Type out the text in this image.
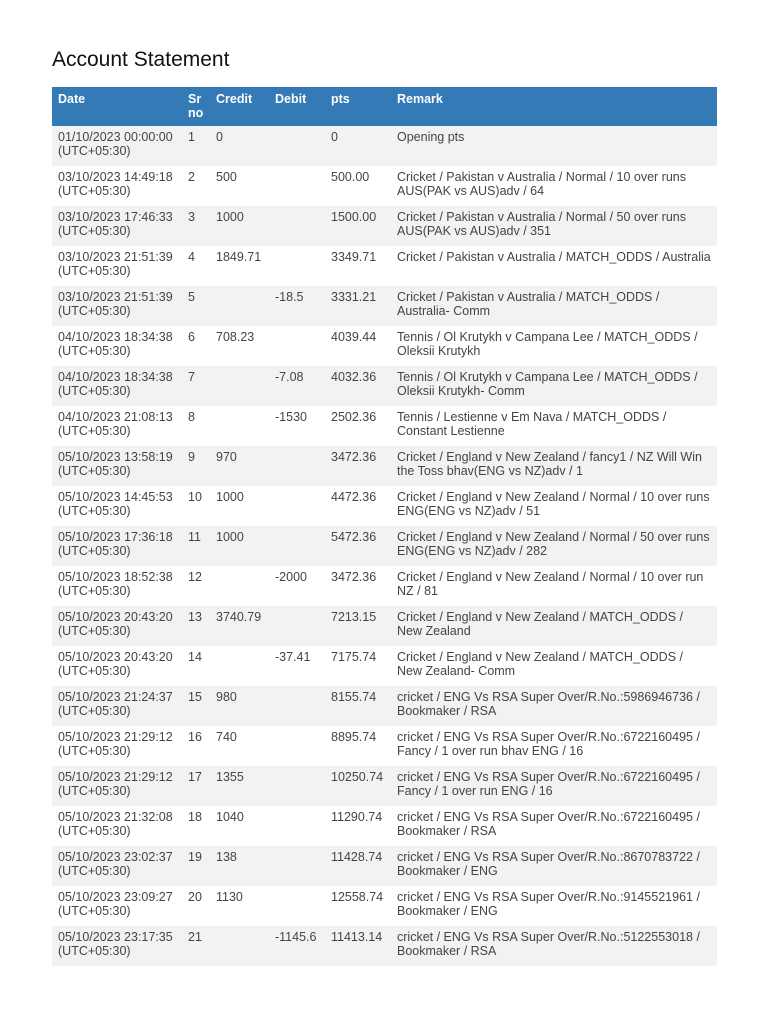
Account Statement
Date	Sr
no	Credit	Debit	pts	Remark

01/10/2023 00:00:00
(UTC+05:30)	1	0		0	Opening pts

03/10/2023 14:49:18
(UTC+05:30)	2	500		500.00	Cricket / Pakistan v Australia / Normal / 10 over runs AUS(PAK vs AUS)adv / 64

03/10/2023 17:46:33
(UTC+05:30)	3	1000		1500.00	Cricket / Pakistan v Australia / Normal / 50 over runs AUS(PAK vs AUS)adv / 351

03/10/2023 21:51:39
(UTC+05:30)	4	1849.71		3349.71	Cricket / Pakistan v Australia / MATCH_ODDS / Australia

03/10/2023 21:51:39
(UTC+05:30)	5		-18.5	3331.21	Cricket / Pakistan v Australia / MATCH_ODDS / Australia- Comm

04/10/2023 18:34:38
(UTC+05:30)	6	708.23		4039.44	Tennis / Ol Krutykh v Campana Lee / MATCH_ODDS / Oleksii Krutykh

04/10/2023 18:34:38
(UTC+05:30)	7		-7.08	4032.36	Tennis / Ol Krutykh v Campana Lee / MATCH_ODDS / Oleksii Krutykh- Comm

04/10/2023 21:08:13
(UTC+05:30)	8		-1530	2502.36	Tennis / Lestienne v Em Nava / MATCH_ODDS / Constant Lestienne

05/10/2023 13:58:19
(UTC+05:30)	9	970		3472.36	Cricket / England v New Zealand / fancy1 / NZ Will Win the Toss bhav(ENG vs NZ)adv / 1

05/10/2023 14:45:53
(UTC+05:30)	10	1000		4472.36	Cricket / England v New Zealand / Normal / 10 over runs ENG(ENG vs NZ)adv / 51

05/10/2023 17:36:18
(UTC+05:30)	11	1000		5472.36	Cricket / England v New Zealand / Normal / 50 over runs ENG(ENG vs NZ)adv / 282

05/10/2023 18:52:38
(UTC+05:30)	12		-2000	3472.36	Cricket / England v New Zealand / Normal / 10 over run NZ / 81

05/10/2023 20:43:20
(UTC+05:30)	13	3740.79		7213.15	Cricket / England v New Zealand / MATCH_ODDS / New Zealand

05/10/2023 20:43:20
(UTC+05:30)	14		-37.41	7175.74	Cricket / England v New Zealand / MATCH_ODDS / New Zealand- Comm

05/10/2023 21:24:37
(UTC+05:30)	15	980		8155.74	cricket / ENG Vs RSA Super Over/R.No.:5986946736 / Bookmaker / RSA

05/10/2023 21:29:12
(UTC+05:30)	16	740		8895.74	cricket / ENG Vs RSA Super Over/R.No.:6722160495 / Fancy / 1 over run bhav ENG / 16

05/10/2023 21:29:12
(UTC+05:30)	17	1355		10250.74	cricket / ENG Vs RSA Super Over/R.No.:6722160495 / Fancy / 1 over run ENG / 16

05/10/2023 21:32:08
(UTC+05:30)	18	1040		11290.74	cricket / ENG Vs RSA Super Over/R.No.:6722160495 / Bookmaker / RSA

05/10/2023 23:02:37
(UTC+05:30)	19	138		11428.74	cricket / ENG Vs RSA Super Over/R.No.:8670783722 / Bookmaker / ENG

05/10/2023 23:09:27
(UTC+05:30)	20	1130		12558.74	cricket / ENG Vs RSA Super Over/R.No.:9145521961 / Bookmaker / ENG

05/10/2023 23:17:35
(UTC+05:30)	21		-1145.6	11413.14	cricket / ENG Vs RSA Super Over/R.No.:5122553018 / Bookmaker / RSA
